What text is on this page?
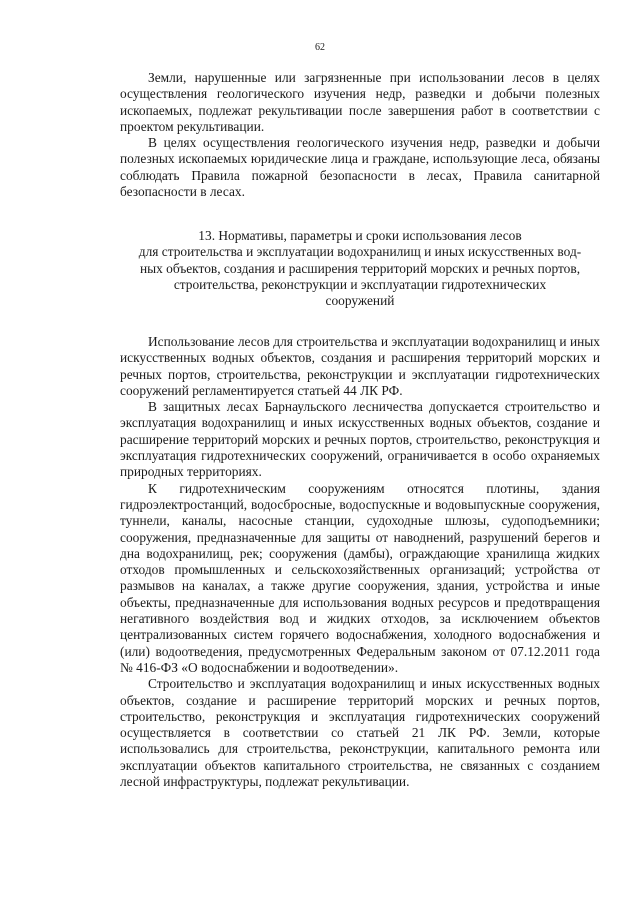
62

Земли, нарушенные или загрязненные при использовании лесов в целях осуществления геологического изучения недр, разведки и добычи полезных ископаемых, подлежат рекультивации после завершения работ в соответствии с проектом рекультивации.

В целях осуществления геологического изучения недр, разведки и добычи полезных ископаемых юридические лица и граждане, использующие леса, обязаны соблюдать Правила пожарной безопасности в лесах, Правила санитарной безопасности в лесах.

13. Нормативы, параметры и сроки использования лесов
для строительства и эксплуатации водохранилищ и иных искусственных вод-
ных объектов, создания и расширения территорий морских и речных портов,
строительства, реконструкции и эксплуатации гидротехнических
сооружений

Использование лесов для строительства и эксплуатации водохранилищ и иных искусственных водных объектов, создания и расширения территорий морских и речных портов, строительства, реконструкции и эксплуатации гидротехнических сооружений регламентируется статьей 44 ЛК РФ.

В защитных лесах Барнаульского лесничества допускается строительство и эксплуатация водохранилищ и иных искусственных водных объектов, создание и расширение территорий морских и речных портов, строительство, реконструкция и эксплуатация гидротехнических сооружений, ограничивается в особо охраняемых природных территориях.

К гидротехническим сооружениям относятся плотины, здания гидроэлектростанций, водосбросные, водоспускные и водовыпускные сооружения, туннели, каналы, насосные станции, судоходные шлюзы, судоподъемники; сооружения, предназначенные для защиты от наводнений, разрушений берегов и дна водохранилищ, рек; сооружения (дамбы), ограждающие хранилища жидких отходов промышленных и сельскохозяйственных организаций; устройства от размывов на каналах, а также другие сооружения, здания, устройства и иные объекты, предназначенные для использования водных ресурсов и предотвращения негативного воздействия вод и жидких отходов, за исключением объектов централизованных систем горячего водоснабжения, холодного водоснабжения и (или) водоотведения, предусмотренных Федеральным законом от 07.12.2011 года № 416-ФЗ «О водоснабжении и водоотведении».

Строительство и эксплуатация водохранилищ и иных искусственных водных объектов, создание и расширение территорий морских и речных портов, строительство, реконструкция и эксплуатация гидротехнических сооружений осуществляется в соответствии со статьей 21 ЛК РФ. Земли, которые использовались для строительства, реконструкции, капитального ремонта или эксплуатации объектов капитального строительства, не связанных с созданием лесной инфраструктуры, подлежат рекультивации.
